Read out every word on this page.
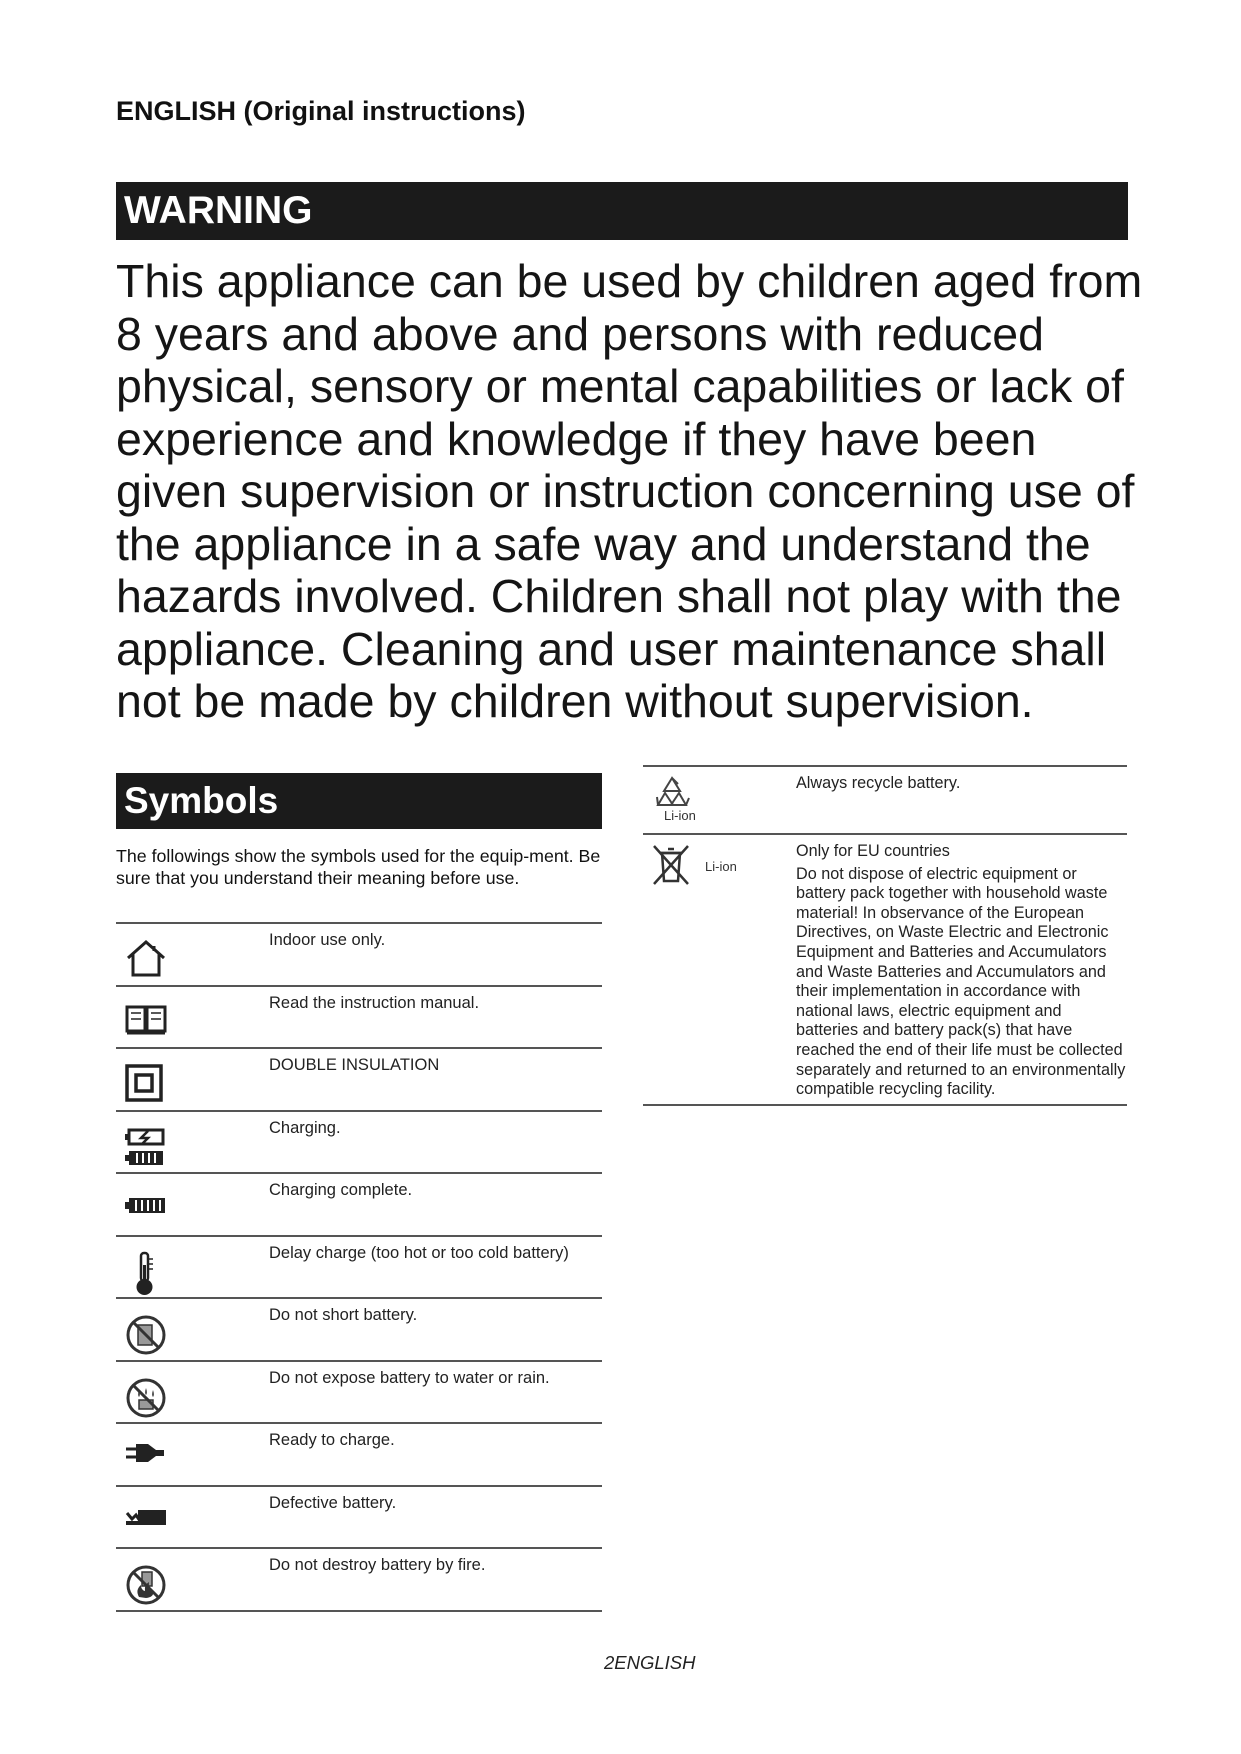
ENGLISH (Original instructions)
WARNING
This appliance can be used by children aged from 8 years and above and persons with reduced physical, sensory or mental capabilities or lack of experience and knowledge if they have been given supervision or instruction concerning use of the appliance in a safe way and understand the hazards involved. Children shall not play with the appliance. Cleaning and user maintenance shall not be made by children without supervision.
Symbols
The followings show the symbols used for the equip-ment. Be sure that you understand their meaning before use.
	Indoor use only.

	Read the instruction manual.

	DOUBLE INSULATION

	Charging.

	Charging complete.

	Delay charge (too hot or too cold battery)

	Do not short battery.

	Do not expose battery to water or rain.

	Ready to charge.

	Defective battery.

	Do not destroy battery by fire.
Li-ion	Always recycle battery.

Li-ion	Only for EU countries
Do not dispose of electric equipment or battery pack together with household waste material! In observance of the European Directives, on Waste Electric and Electronic Equipment and Batteries and Accumulators and Waste Batteries and Accumulators and their implementation in accordance with national laws, electric equipment and batteries and battery pack(s) that have reached the end of their life must be collected separately and returned to an environmentally compatible recycling facility.
2ENGLISH
